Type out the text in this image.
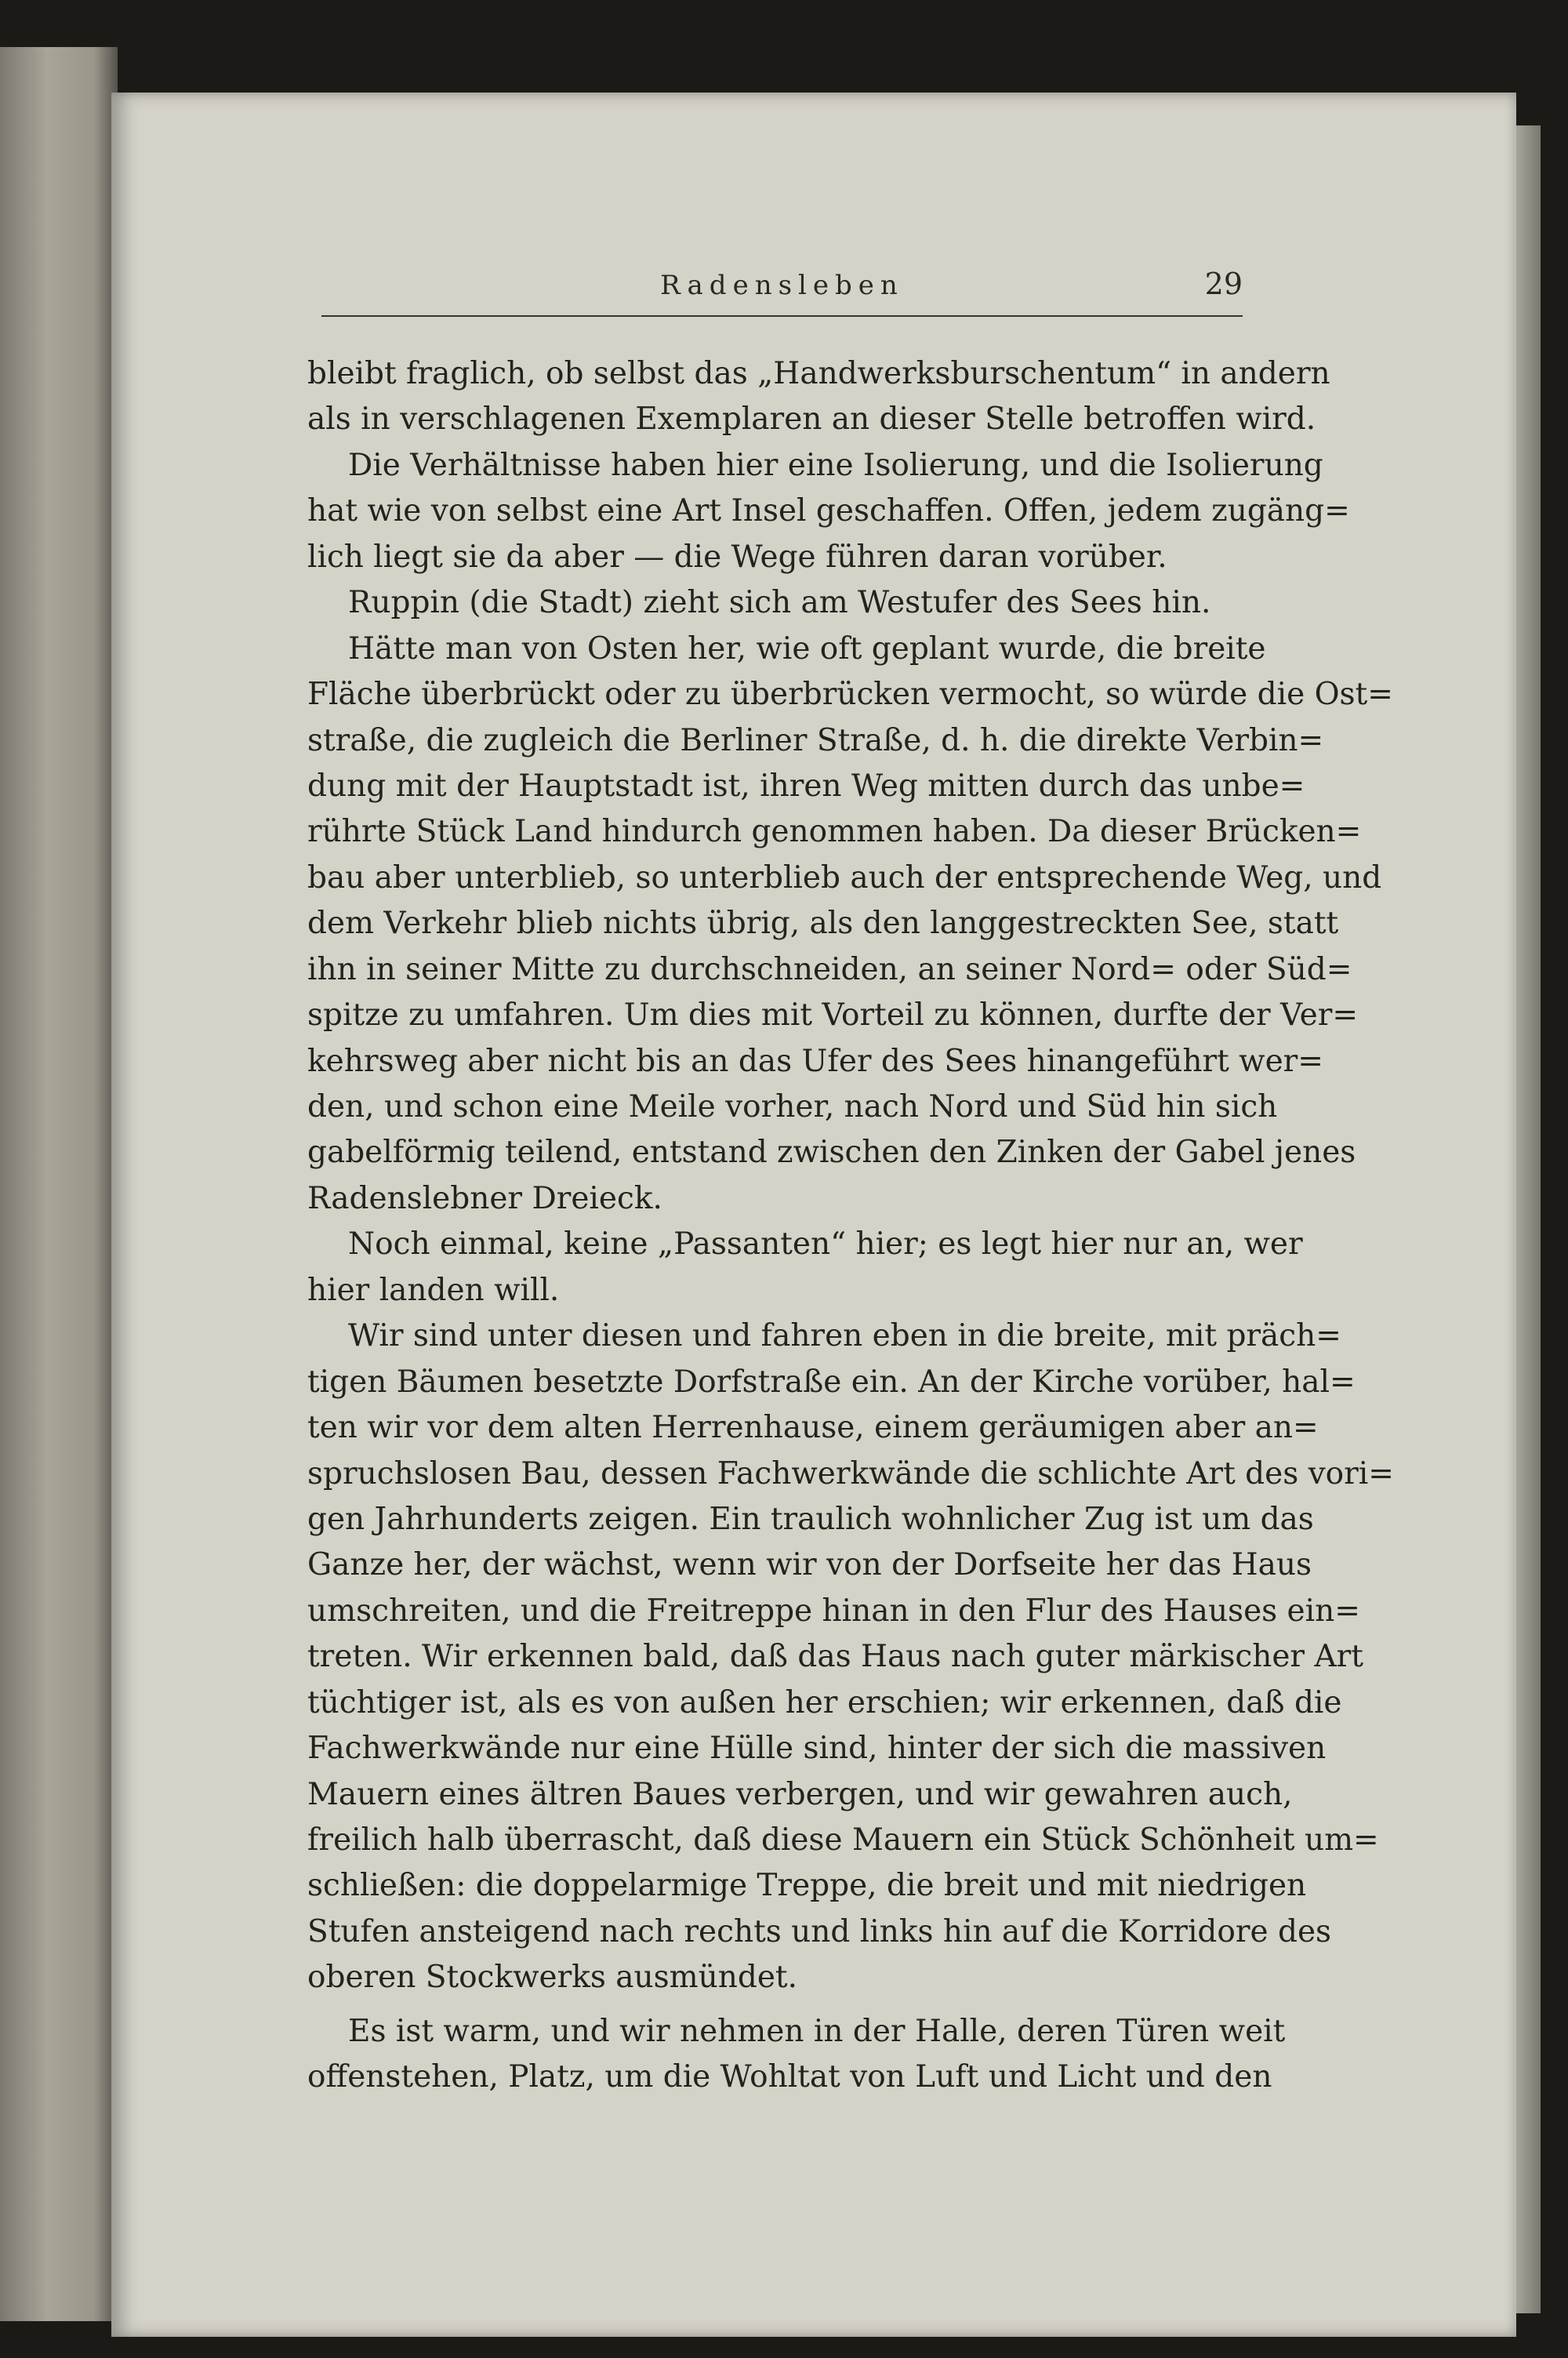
Radensleben	29
bleibt fraglich, ob selbst das „Handwerksburschentum“ in andern
als in verschlagenen Exemplaren an dieser Stelle betroffen wird.
Die Verhältnisse haben hier eine Isolierung, und die Isolierung
hat wie von selbst eine Art Insel geschaffen. Offen, jedem zugäng=
lich liegt sie da aber — die Wege führen daran vorüber.
Ruppin (die Stadt) zieht sich am Westufer des Sees hin.
Hätte man von Osten her, wie oft geplant wurde, die breite
Fläche überbrückt oder zu überbrücken vermocht, so würde die Ost=
straße, die zugleich die Berliner Straße, d. h. die direkte Verbin=
dung mit der Hauptstadt ist, ihren Weg mitten durch das unbe=
rührte Stück Land hindurch genommen haben. Da dieser Brücken=
bau aber unterblieb, so unterblieb auch der entsprechende Weg, und
dem Verkehr blieb nichts übrig, als den langgestreckten See, statt
ihn in seiner Mitte zu durchschneiden, an seiner Nord= oder Süd=
spitze zu umfahren. Um dies mit Vorteil zu können, durfte der Ver=
kehrsweg aber nicht bis an das Ufer des Sees hinangeführt wer=
den, und schon eine Meile vorher, nach Nord und Süd hin sich
gabelförmig teilend, entstand zwischen den Zinken der Gabel jenes
Radenslebner Dreieck.
Noch einmal, keine „Passanten“ hier; es legt hier nur an, wer
hier landen will.
Wir sind unter diesen und fahren eben in die breite, mit präch=
tigen Bäumen besetzte Dorfstraße ein. An der Kirche vorüber, hal=
ten wir vor dem alten Herrenhause, einem geräumigen aber an=
spruchslosen Bau, dessen Fachwerkwände die schlichte Art des vori=
gen Jahrhunderts zeigen. Ein traulich wohnlicher Zug ist um das
Ganze her, der wächst, wenn wir von der Dorfseite her das Haus
umschreiten, und die Freitreppe hinan in den Flur des Hauses ein=
treten. Wir erkennen bald, daß das Haus nach guter märkischer Art
tüchtiger ist, als es von außen her erschien; wir erkennen, daß die
Fachwerkwände nur eine Hülle sind, hinter der sich die massiven
Mauern eines ältren Baues verbergen, und wir gewahren auch,
freilich halb überrascht, daß diese Mauern ein Stück Schönheit um=
schließen: die doppelarmige Treppe, die breit und mit niedrigen
Stufen ansteigend nach rechts und links hin auf die Korridore des
oberen Stockwerks ausmündet.
Es ist warm, und wir nehmen in der Halle, deren Türen weit
offenstehen, Platz, um die Wohltat von Luft und Licht und den
